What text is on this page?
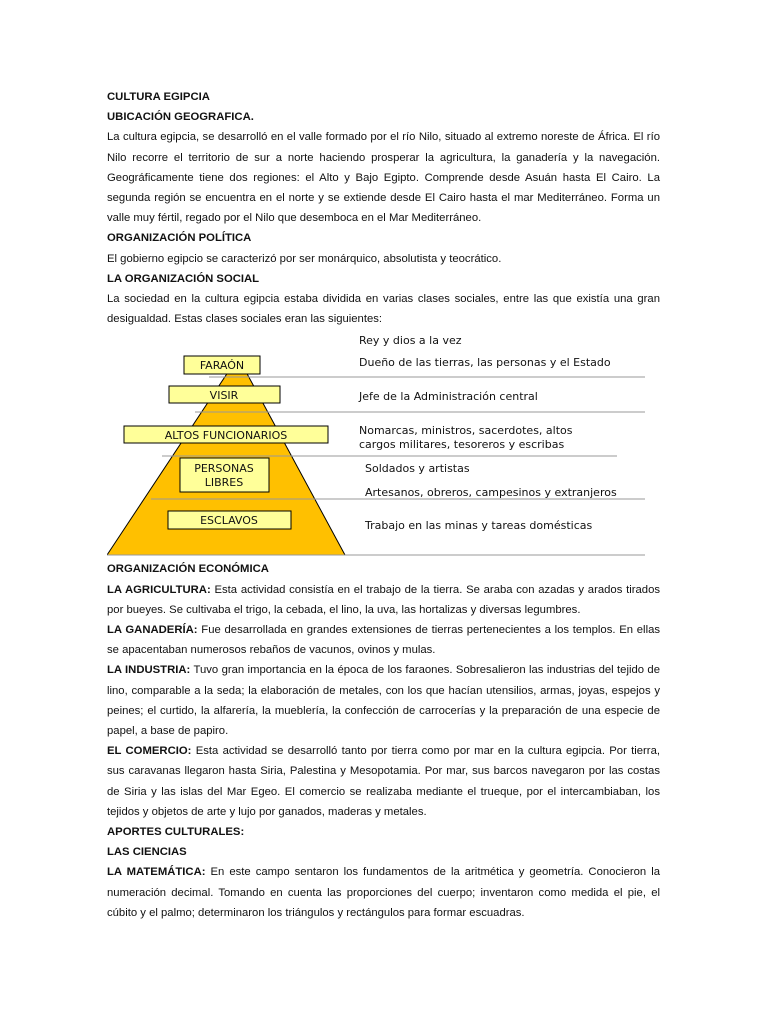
CULTURA EGIPCIA

UBICACIÓN GEOGRAFICA.

La cultura egipcia, se desarrolló en el valle formado por el río Nilo, situado al extremo noreste de África. El río Nilo recorre el territorio de sur a norte haciendo prosperar la agricultura, la ganadería y la navegación. Geográficamente tiene dos regiones: el Alto y Bajo Egipto. Comprende desde Asuán hasta El Cairo. La segunda región se encuentra en el norte y se extiende desde El Cairo hasta el mar Mediterráneo. Forma un valle muy fértil, regado por el Nilo que desemboca en el Mar Mediterráneo.

ORGANIZACIÓN POLÍTICA

El gobierno egipcio se caracterizó por ser monárquico, absolutista y teocrático.

LA ORGANIZACIÓN SOCIAL

La sociedad en la cultura egipcia estaba dividida en varias clases sociales, entre las que existía una gran desigualdad. Estas clases sociales eran las siguientes:

FARAÓN
VISIR
ALTOS FUNCIONARIOS
PERSONAS
LIBRES
ESCLAVOS
Rey y dios a la vez
Dueño de las tierras, las personas y el Estado
Jefe de la Administración central
Nomarcas, ministros, sacerdotes, altos
cargos militares, tesoreros y escribas
Soldados y artistas
Artesanos, obreros, campesinos y extranjeros
Trabajo en las minas y tareas domésticas

ORGANIZACIÓN ECONÓMICA

LA AGRICULTURA: Esta actividad consistía en el trabajo de la tierra. Se araba con azadas y arados tirados por bueyes. Se cultivaba el trigo, la cebada, el lino, la uva, las hortalizas y diversas legumbres.

LA GANADERÍA: Fue desarrollada en grandes extensiones de tierras pertenecientes a los templos. En ellas se apacentaban numerosos rebaños de vacunos, ovinos y mulas.

LA INDUSTRIA: Tuvo gran importancia en la época de los faraones. Sobresalieron las industrias del tejido de lino, comparable a la seda; la elaboración de metales, con los que hacían utensilios, armas, joyas, espejos y peines; el curtido, la alfarería, la mueblería, la confección de carrocerías y la preparación de una especie de papel, a base de papiro.

EL COMERCIO: Esta actividad se desarrolló tanto por tierra como por mar en la cultura egipcia. Por tierra, sus caravanas llegaron hasta Siria, Palestina y Mesopotamia. Por mar, sus barcos navegaron por las costas de Siria y las islas del Mar Egeo. El comercio se realizaba mediante el trueque, por el intercambiaban, los tejidos y objetos de arte y lujo por ganados, maderas y metales.

APORTES CULTURALES:

LAS CIENCIAS

LA MATEMÁTICA: En este campo sentaron los fundamentos de la aritmética y geometría. Conocieron la numeración decimal. Tomando en cuenta las proporciones del cuerpo; inventaron como medida el pie, el cúbito y el palmo; determinaron los triángulos y rectángulos para formar escuadras.
